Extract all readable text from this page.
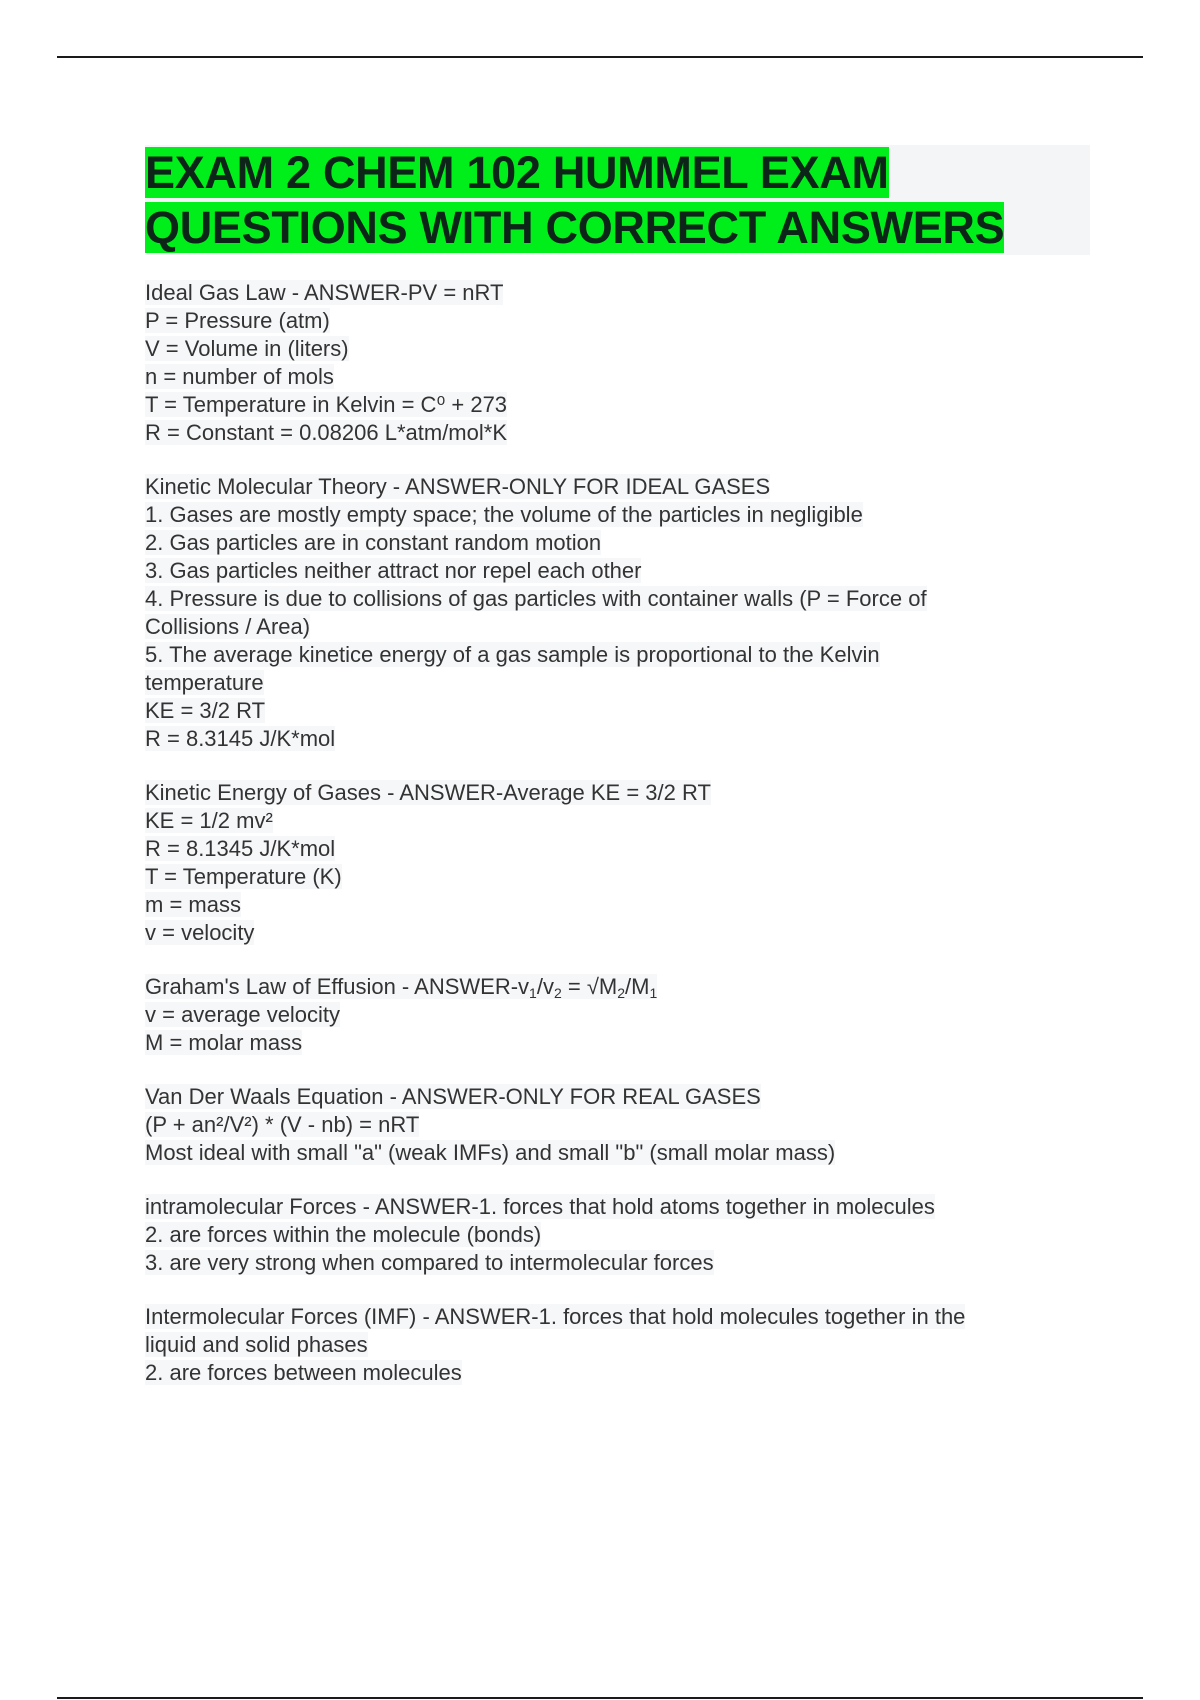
EXAM 2 CHEM 102 HUMMEL EXAM
QUESTIONS WITH CORRECT ANSWERS
Ideal Gas Law - ANSWER-PV = nRT
P = Pressure (atm)
V = Volume in (liters)
n = number of mols
T = Temperature in Kelvin = C⁰ + 273
R = Constant = 0.08206 L*atm/mol*K
Kinetic Molecular Theory - ANSWER-ONLY FOR IDEAL GASES
1. Gases are mostly empty space; the volume of the particles in negligible
2. Gas particles are in constant random motion
3. Gas particles neither attract nor repel each other
4. Pressure is due to collisions of gas particles with container walls (P = Force of
Collisions / Area)
5. The average kinetice energy of a gas sample is proportional to the Kelvin
temperature
KE = 3/2 RT
R = 8.3145 J/K*mol
Kinetic Energy of Gases - ANSWER-Average KE = 3/2 RT
KE = 1/2 mv²
R = 8.1345 J/K*mol
T = Temperature (K)
m = mass
v = velocity
Graham's Law of Effusion - ANSWER-$v_1/v_2 = √M_2/M_1$
v = average velocity
M = molar mass
Van Der Waals Equation - ANSWER-ONLY FOR REAL GASES
(P + an²/V²) * (V - nb) = nRT
Most ideal with small "a" (weak IMFs) and small "b" (small molar mass)
intramolecular Forces - ANSWER-1. forces that hold atoms together in molecules
2. are forces within the molecule (bonds)
3. are very strong when compared to intermolecular forces
Intermolecular Forces (IMF) - ANSWER-1. forces that hold molecules together in the
liquid and solid phases
2. are forces between molecules
